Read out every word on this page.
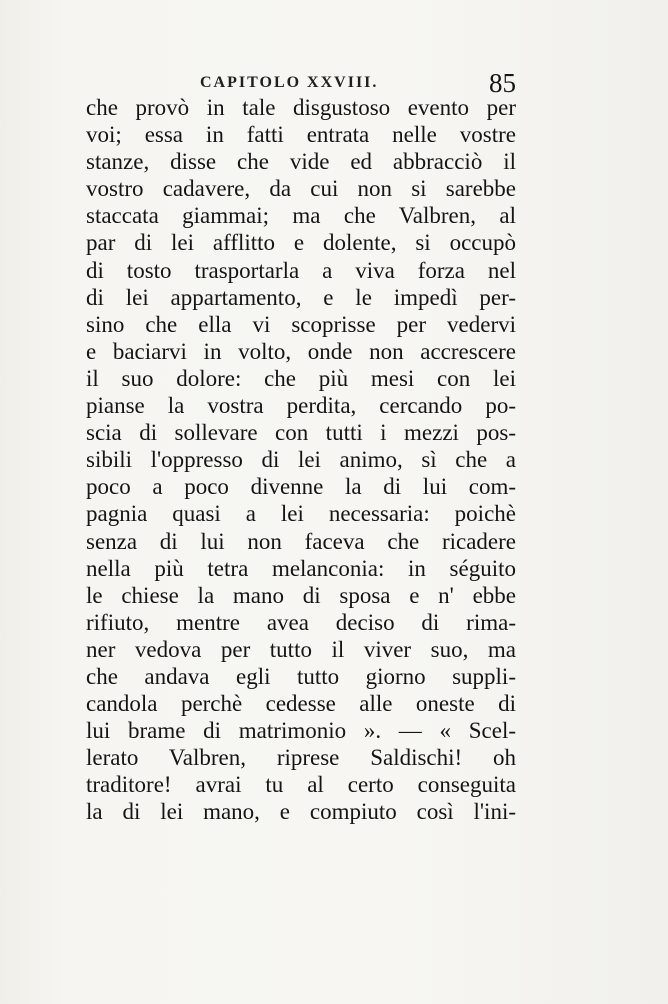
CAPITOLO XXVIII.	85
che provò in tale disgustoso evento per
voi; essa in fatti entrata nelle vostre
stanze, disse che vide ed abbracciò il
vostro cadavere, da cui non si sarebbe
staccata giammai; ma che Valbren, al
par di lei afflitto e dolente, si occupò
di tosto trasportarla a viva forza nel
di lei appartamento, e le impedì per-
sino che ella vi scoprisse per vedervi
e baciarvi in volto, onde non accrescere
il suo dolore: che più mesi con lei
pianse la vostra perdita, cercando po-
scia di sollevare con tutti i mezzi pos-
sibili l'oppresso di lei animo, sì che a
poco a poco divenne la di lui com-
pagnia quasi a lei necessaria: poichè
senza di lui non faceva che ricadere
nella più tetra melanconia: in séguito
le chiese la mano di sposa e n' ebbe
rifiuto, mentre avea deciso di rima-
ner vedova per tutto il viver suo, ma
che andava egli tutto giorno suppli-
candola perchè cedesse alle oneste di
lui brame di matrimonio ». — « Scel-
lerato Valbren, riprese Saldischi! oh
traditore! avrai tu al certo conseguita
la di lei mano, e compiuto così l'ini-
